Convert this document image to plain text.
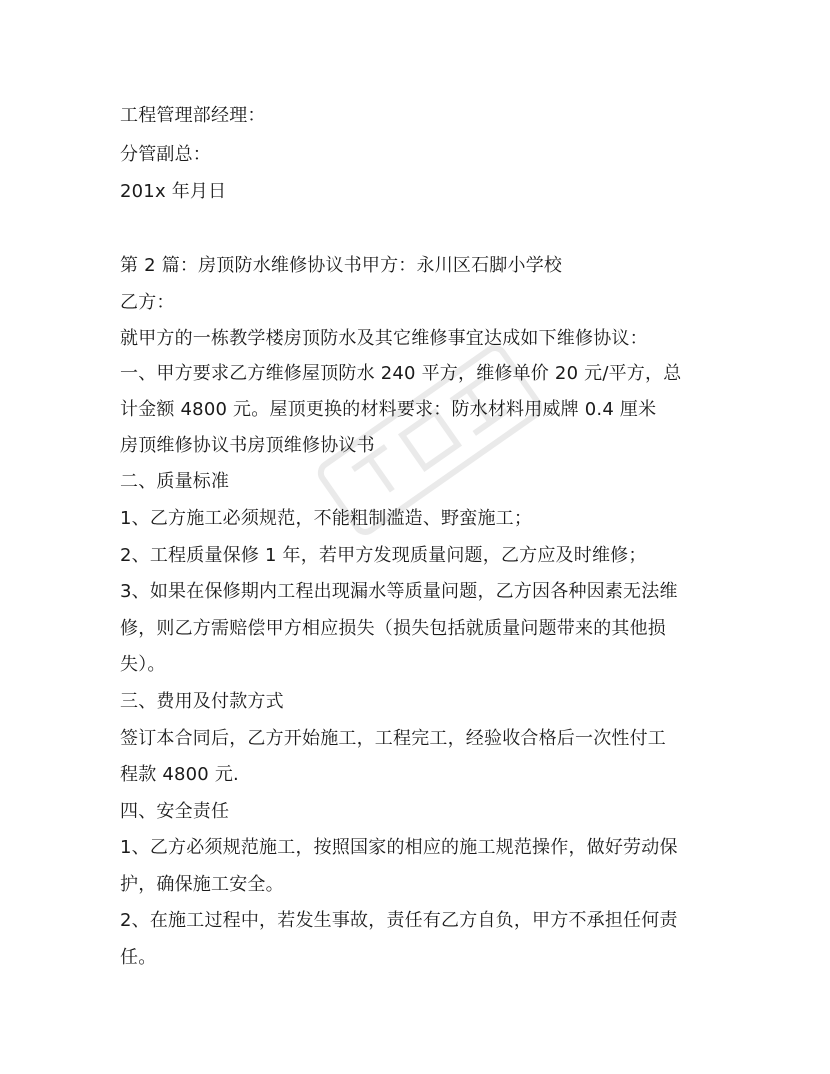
工程管理部经理：
分管副总：
201x 年月日
第 2 篇：房顶防水维修协议书甲方：永川区石脚小学校
乙方：
就甲方的一栋教学楼房顶防水及其它维修事宜达成如下维修协议：
一、甲方要求乙方维修屋顶防水 240 平方，维修单价 20 元/平方，总
计金额 4800 元。屋顶更换的材料要求：防水材料用威牌 0.4 厘米
房顶维修协议书房顶维修协议书
二、质量标准
1、乙方施工必须规范，不能粗制滥造、野蛮施工；
2、工程质量保修 1 年，若甲方发现质量问题，乙方应及时维修；
3、如果在保修期内工程出现漏水等质量问题，乙方因各种因素无法维
修，则乙方需赔偿甲方相应损失（损失包括就质量问题带来的其他损
失）。
三、费用及付款方式
签订本合同后，乙方开始施工，工程完工，经验收合格后一次性付工
程款 4800 元.
四、安全责任
1、乙方必须规范施工，按照国家的相应的施工规范操作，做好劳动保
护，确保施工安全。
2、在施工过程中，若发生事故，责任有乙方自负，甲方不承担任何责
任。
